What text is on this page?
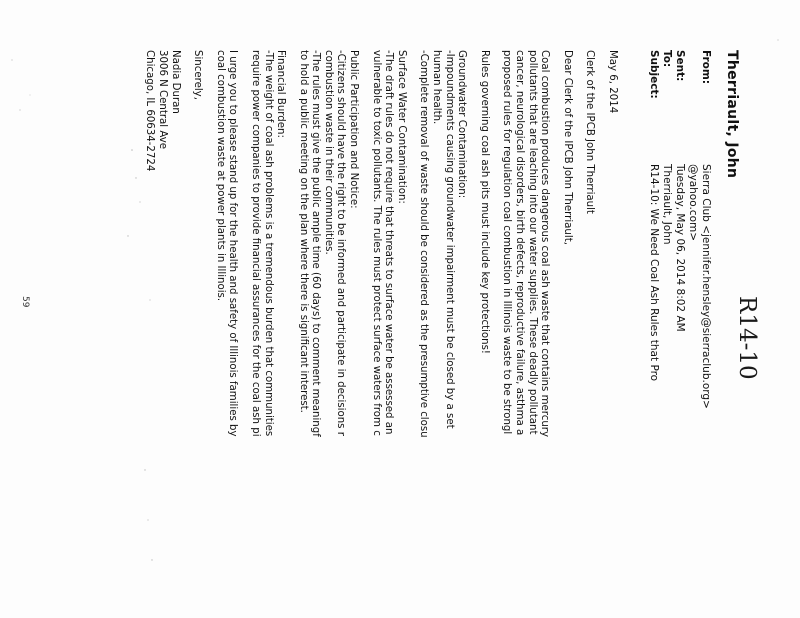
Therriault, John
R14-10
From:
Sierra Club <jennifer.hensley@sierraclub.org>
@yahoo.com>
Sent:
Tuesday, May 06, 2014 8:02 AM
To:
Therriault, John
Subject:
R14-10: We Need Coal Ash Rules that Pro

May 6, 2014

Clerk of the IPCB John Therriault

Dear Clerk of the IPCB John Therriault,

Coal combustion produces dangerous coal ash waste that contains mercury
pollutants that are leaching into our water supplies. These deadly pollutant
cancer, neurological disorders, birth defects, reproductive failure, asthma a
proposed rules for regulation coal combustion in Illinois waste to be strongl

Rules governing coal ash pits must include key protections!

Groundwater Contamination:
-Impoundments causing groundwater impairment must be closed by a set
human health.
-Complete removal of waste should be considered as the presumptive closu

Surface Water Contamination:
-The draft rules do not require that threats to surface water be assessed an
vulnerable to toxic pollutants. The rules must protect surface waters from c

Public Participation and Notice:
-Citizens should have the right to be informed and participate in decisions r
combustion waste in their communities.
-The rules must give the public ample time (60 days) to comment meaningf
to hold a public meeting on the plan where there is significant interest.

Financial Burden:
-The weight of coal ash problems is a tremendous burden that communities
require power companies to provide financial assurances for the coal ash pi

I urge you to please stand up for the health and safety of Illinois families by
coal combustion waste at power plants in Illinois.

Sincerely,

Nadia Duran
3006 N Central Ave
Chicago, IL 60634-2724

59
